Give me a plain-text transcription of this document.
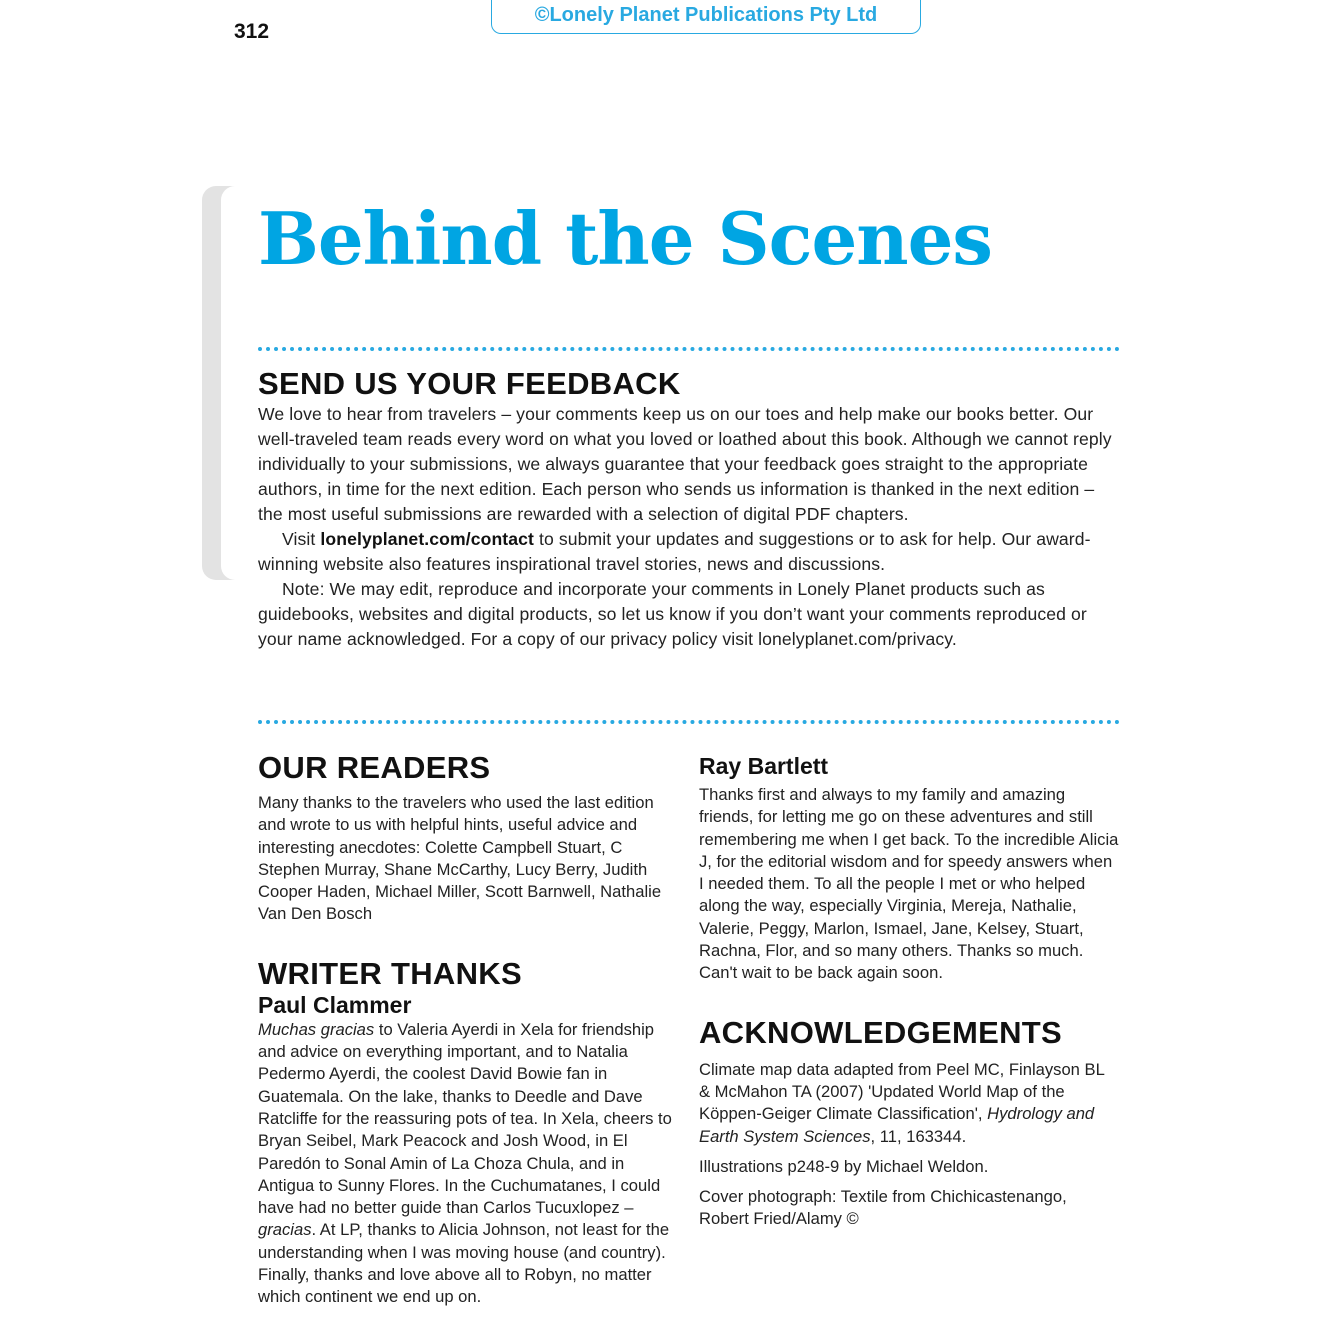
312
©Lonely Planet Publications Pty Ltd
Behind the Scenes
SEND US YOUR FEEDBACK

We love to hear from travelers – your comments keep us on our toes and help make our books better. Our well-traveled team reads every word on what you loved or loathed about this book. Although we cannot reply individually to your submissions, we always guarantee that your feedback goes straight to the appropriate authors, in time for the next edition. Each person who sends us information is thanked in the next edition – the most useful submissions are rewarded with a selection of digital PDF chapters.

Visit lonelyplanet.com/contact to submit your updates and suggestions or to ask for help. Our award-winning website also features inspirational travel stories, news and discussions.

Note: We may edit, reproduce and incorporate your comments in Lonely Planet products such as guidebooks, websites and digital products, so let us know if you don’t want your comments reproduced or your name acknowledged. For a copy of our privacy policy visit lonelyplanet.com/privacy.

OUR READERS

Many thanks to the travelers who used the last edition and wrote to us with helpful hints, useful advice and interesting anecdotes: Colette Campbell Stuart, C Stephen Murray, Shane McCarthy, Lucy Berry, Judith Cooper Haden, Michael Miller, Scott Barnwell, Nathalie Van Den Bosch

WRITER THANKS
Paul Clammer

Muchas gracias to Valeria Ayerdi in Xela for friendship and advice on everything important, and to Natalia Pedermo Ayerdi, the coolest David Bowie fan in Guatemala. On the lake, thanks to Deedle and Dave Ratcliffe for the reassuring pots of tea. In Xela, cheers to Bryan Seibel, Mark Peacock and Josh Wood, in El Paredón to Sonal Amin of La Choza Chula, and in Antigua to Sunny Flores. In the Cuchumatanes, I could have had no better guide than Carlos Tucuxlopez – gracias. At LP, thanks to Alicia Johnson, not least for the understanding when I was moving house (and country). Finally, thanks and love above all to Robyn, no matter which continent we end up on.

Ray Bartlett

Thanks first and always to my family and amazing friends, for letting me go on these adventures and still remembering me when I get back. To the incredible Alicia J, for the editorial wisdom and for speedy answers when I needed them. To all the people I met or who helped along the way, especially Virginia, Mereja, Nathalie, Valerie, Peggy, Marlon, Ismael, Jane, Kelsey, Stuart, Rachna, Flor, and so many others. Thanks so much. Can't wait to be back again soon.

ACKNOWLEDGEMENTS

Climate map data adapted from Peel MC, Finlayson BL & McMahon TA (2007) 'Updated World Map of the Köppen-Geiger Climate Classification', Hydrology and Earth System Sciences, 11, 163344.

Illustrations p248-9 by Michael Weldon.

Cover photograph: Textile from Chichicastenango, Robert Fried/Alamy ©
